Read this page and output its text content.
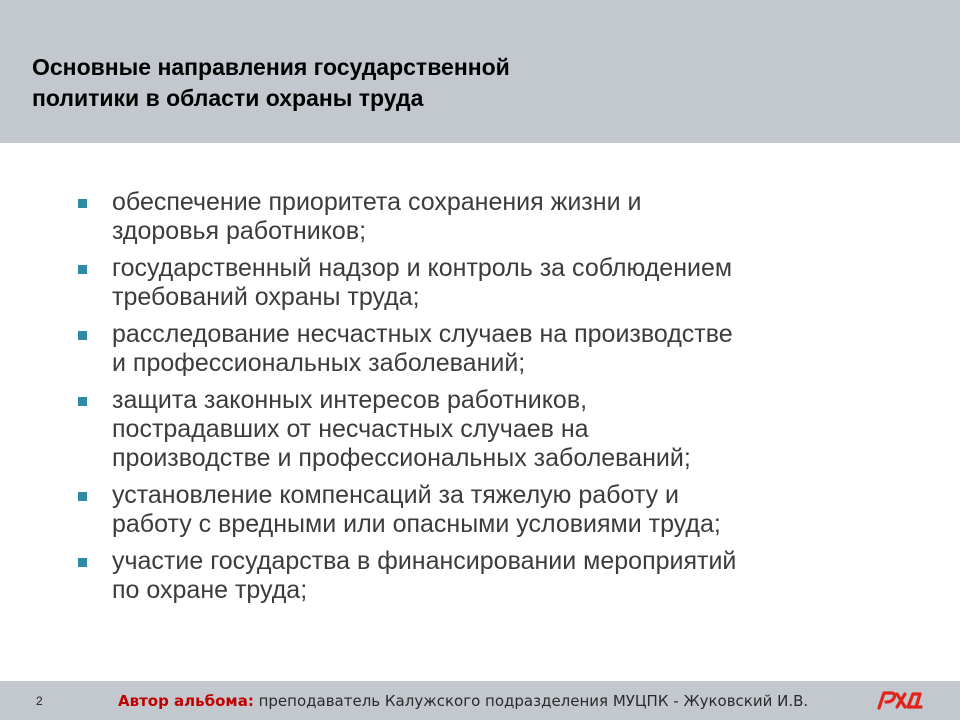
Основные направления государственной
политики в области охраны труда
обеспечение приоритета сохранения жизни и
здоровья работников;
государственный надзор и контроль за соблюдением
требований охраны труда;
расследование несчастных случаев на производстве
и профессиональных заболеваний;
защита законных интересов работников,
пострадавших от несчастных случаев на
производстве и профессиональных заболеваний;
установление компенсаций за тяжелую работу и
работу с вредными или опасными условиями труда;
участие государства в финансировании мероприятий
по охране труда;
2	Автор альбома: преподаватель Калужского подразделения МУЦПК - Жуковский И.В.
